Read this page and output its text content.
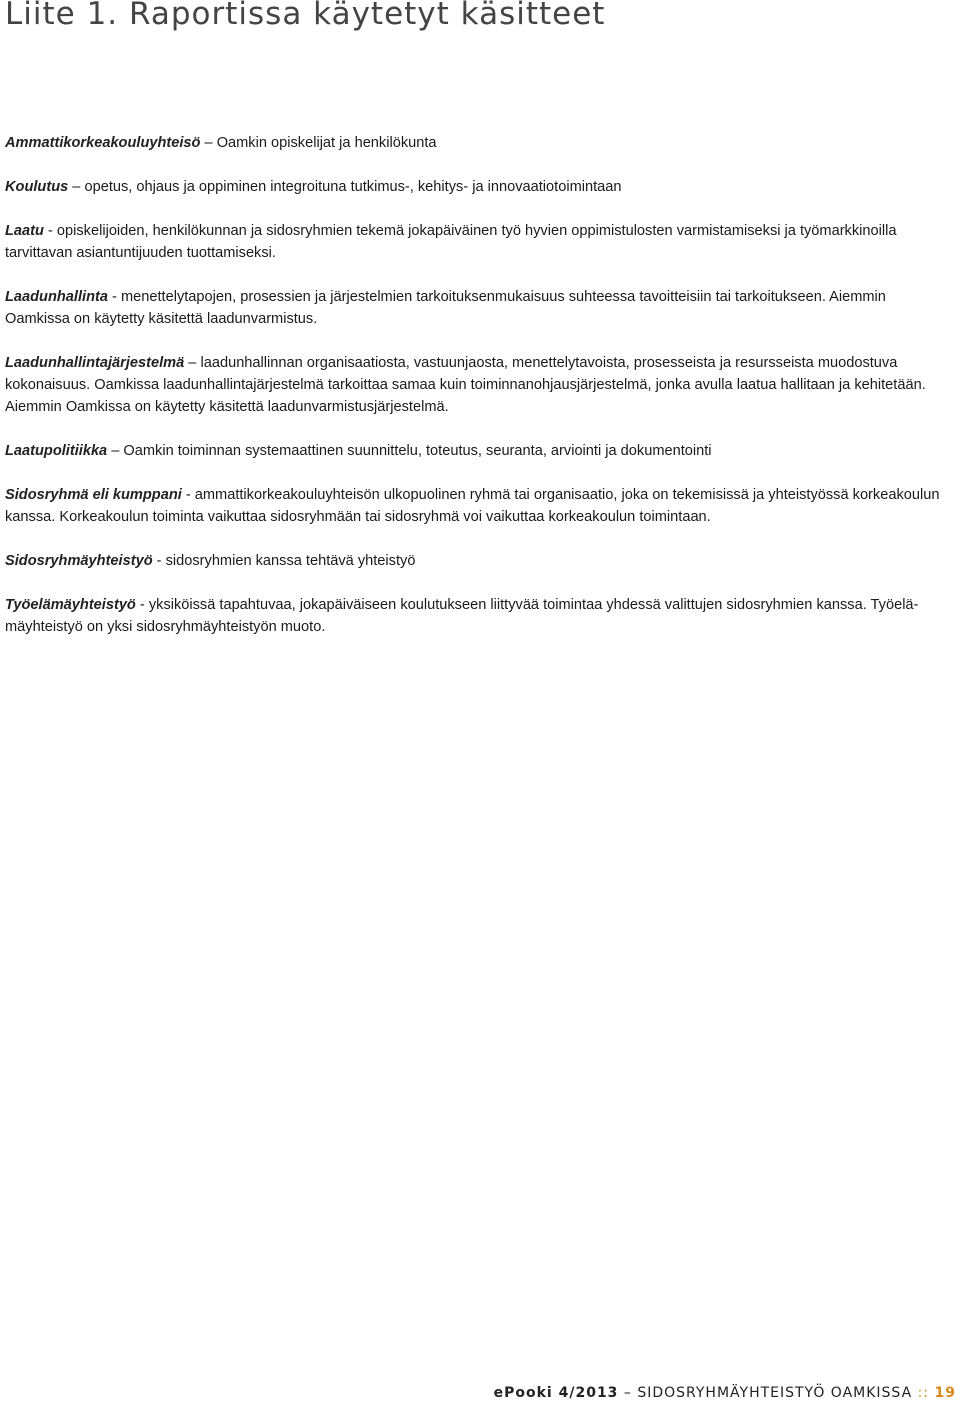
Liite 1. Raportissa käytetyt käsitteet
Ammattikorkeakouluyhteisö – Oamkin opiskelijat ja henkilökunta
Koulutus – opetus, ohjaus ja oppiminen integroituna tutkimus-, kehitys- ja innovaatiotoimintaan
Laatu - opiskelijoiden, henkilökunnan ja sidosryhmien tekemä jokapäiväinen työ hyvien oppimistulosten varmistamiseksi ja työmarkkinoilla tarvittavan asiantuntijuuden tuottamiseksi.
Laadunhallinta - menettelytapojen, prosessien ja järjestelmien tarkoituksenmukaisuus suhteessa tavoitteisiin tai tarkoitukseen. Aiemmin Oamkissa on käytetty käsitettä laadunvarmistus.
Laadunhallintajärjestelmä – laadunhallinnan organisaatiosta, vastuunjaosta, menettelytavoista, prosesseista ja resursseista muodostuva kokonaisuus. Oamkissa laadunhallintajärjestelmä tarkoittaa samaa kuin toiminnanohjausjärjestelmä, jonka avulla laatua hallitaan ja kehitetään. Aiemmin Oamkissa on käytetty käsitettä laadunvarmistusjärjestelmä.
Laatupolitiikka – Oamkin toiminnan systemaattinen suunnittelu, toteutus, seuranta, arviointi ja dokumentointi
Sidosryhmä eli kumppani - ammattikorkeakouluyhteisön ulkopuolinen ryhmä tai organisaatio, joka on tekemisissä ja yhteistyössä korkeakoulun kanssa. Korkeakoulun toiminta vaikuttaa sidosryhmään tai sidosryhmä voi vaikuttaa korkeakoulun toimintaan.
Sidosryhmäyhteistyö - sidosryhmien kanssa tehtävä yhteistyö
Työelämäyhteistyö - yksiköissä tapahtuvaa, jokapäiväiseen koulutukseen liittyvää toimintaa yhdessä valittujen sidosryhmien kanssa. Työelämäyhteistyö on yksi sidosryhmäyhteistyön muoto.
ePooki 4/2013 – SIDOSRYHMÄYHTEISTYÖ OAMKISSA :: 19
